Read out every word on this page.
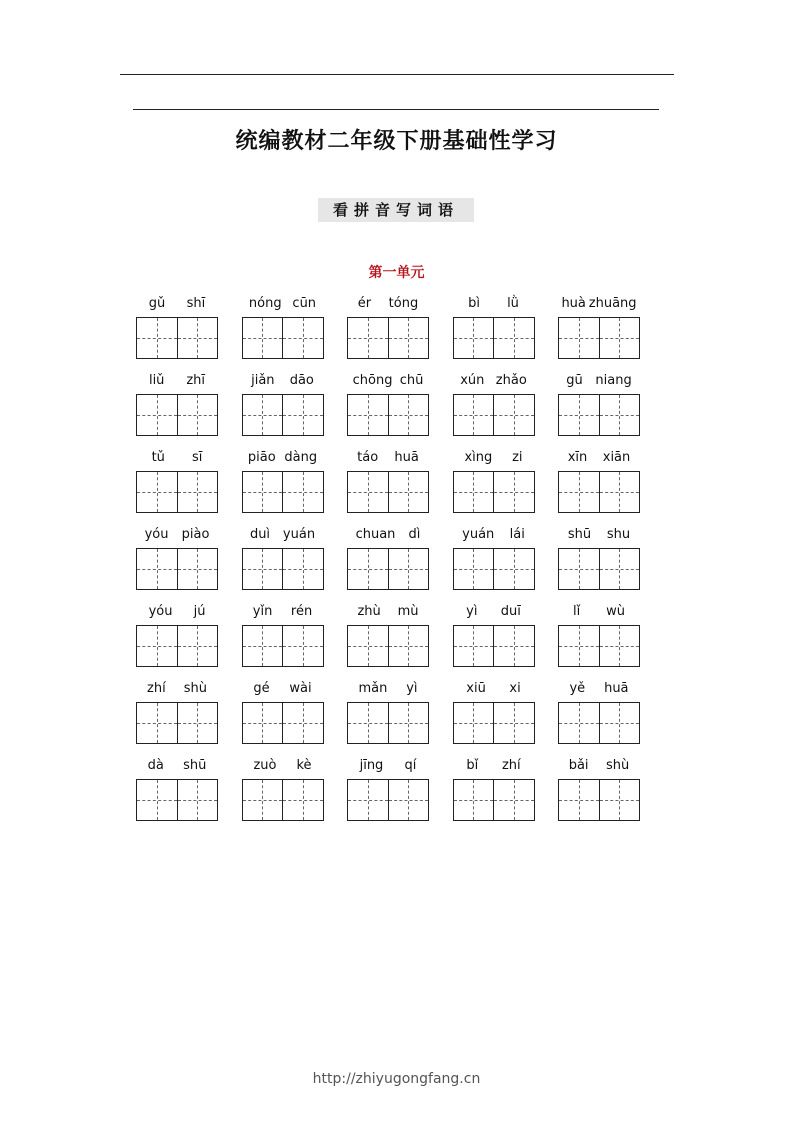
统编教材二年级下册基础性学习
看拼音写词语
第一单元
gǔ shī	nóng cūn	ér tóng	bì lǜ	huà zhuāng
liǔ zhī	jiǎn dāo	chōng chū	xún zhǎo	gū niang
tǔ sī	piāo dàng	táo huā	xìng zi	xīn xiān
yóu piào	duì yuán	chuan dì	yuán lái	shū shu
yóu jú	yǐn rén	zhù mù	yì duī	lǐ wù
zhí shù	gé wài	mǎn yì	xiū xi	yě huā
dà shū	zuò kè	jīng qí	bǐ zhí	bǎi shù
http://zhiyugongfang.cn
